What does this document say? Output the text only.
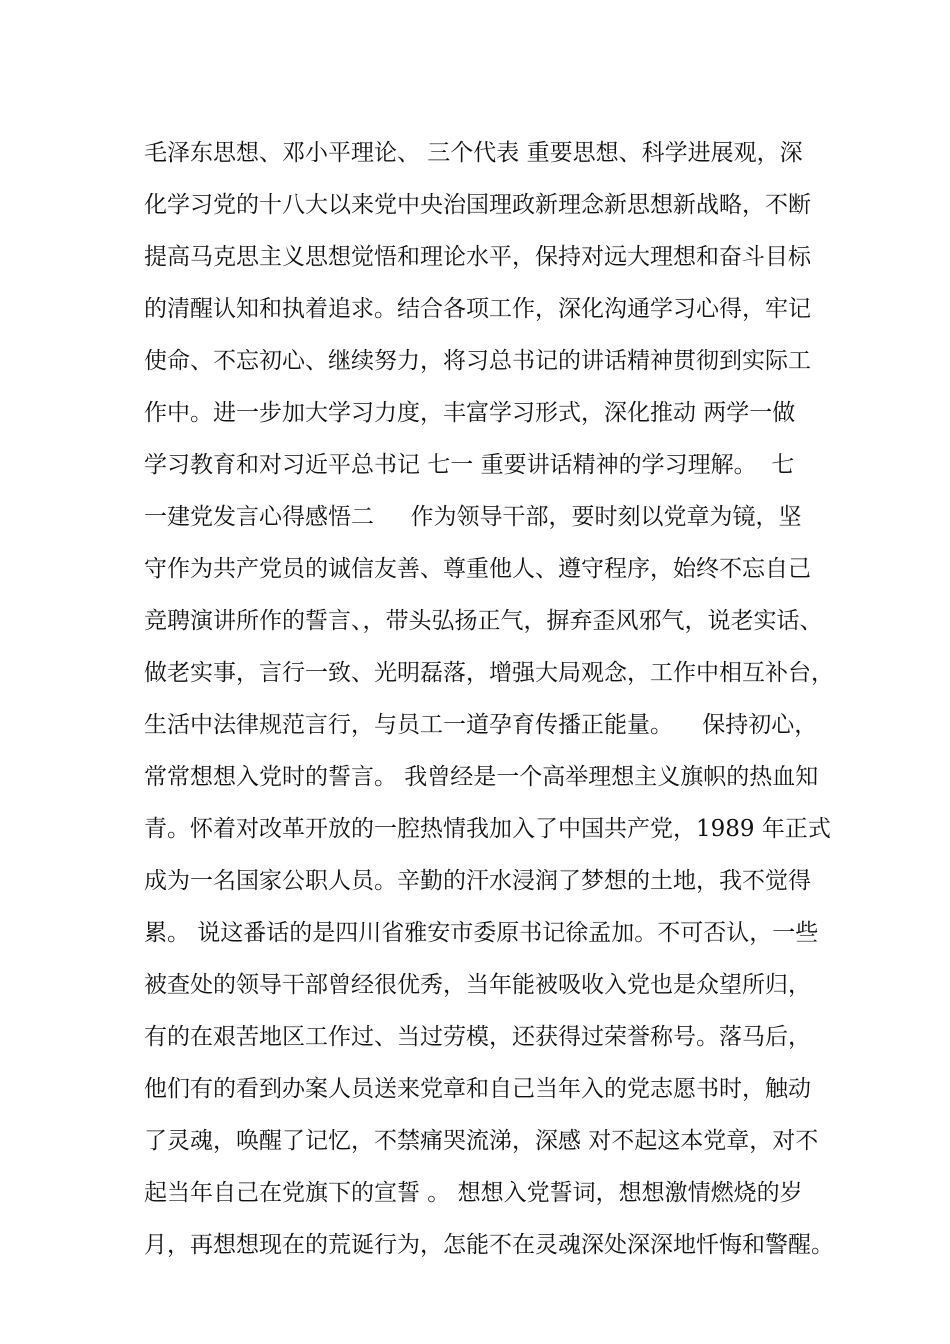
毛泽东思想、邓小平理论、 三个代表 重要思想、科学进展观，深
化学习党的十八大以来党中央治国理政新理念新思想新战略，不断
提高马克思主义思想觉悟和理论水平，保持对远大理想和奋斗目标
的清醒认知和执着追求。结合各项工作，深化沟通学习心得，牢记
使命、不忘初心、继续努力，将习总书记的讲话精神贯彻到实际工
作中。进一步加大学习力度，丰富学习形式，深化推动 两学一做
学习教育和对习近平总书记 七一 重要讲话精神的学习理解。  七
一建党发言心得感悟二     作为领导干部，要时刻以党章为镜，坚
守作为共产党员的诚信友善、尊重他人、遵守程序，始终不忘自己
竞聘演讲所作的誓言、，带头弘扬正气，摒弃歪风邪气，说老实话、
做老实事，言行一致、光明磊落，增强大局观念，工作中相互补台，
生活中法律规范言行，与员工一道孕育传播正能量。    保持初心，
常常想想入党时的誓言。 我曾经是一个高举理想主义旗帜的热血知
青。怀着对改革开放的一腔热情我加入了中国共产党，1989 年正式
成为一名国家公职人员。辛勤的汗水浸润了梦想的土地，我不觉得
累。 说这番话的是四川省雅安市委原书记徐孟加。不可否认，一些
被查处的领导干部曾经很优秀，当年能被吸收入党也是众望所归，
有的在艰苦地区工作过、当过劳模，还获得过荣誉称号。落马后，
他们有的看到办案人员送来党章和自己当年入的党志愿书时，触动
了灵魂，唤醒了记忆，不禁痛哭流涕，深感 对不起这本党章，对不
起当年自己在党旗下的宣誓 。 想想入党誓词，想想激情燃烧的岁
月，再想想现在的荒诞行为，怎能不在灵魂深处深深地忏悔和警醒。
